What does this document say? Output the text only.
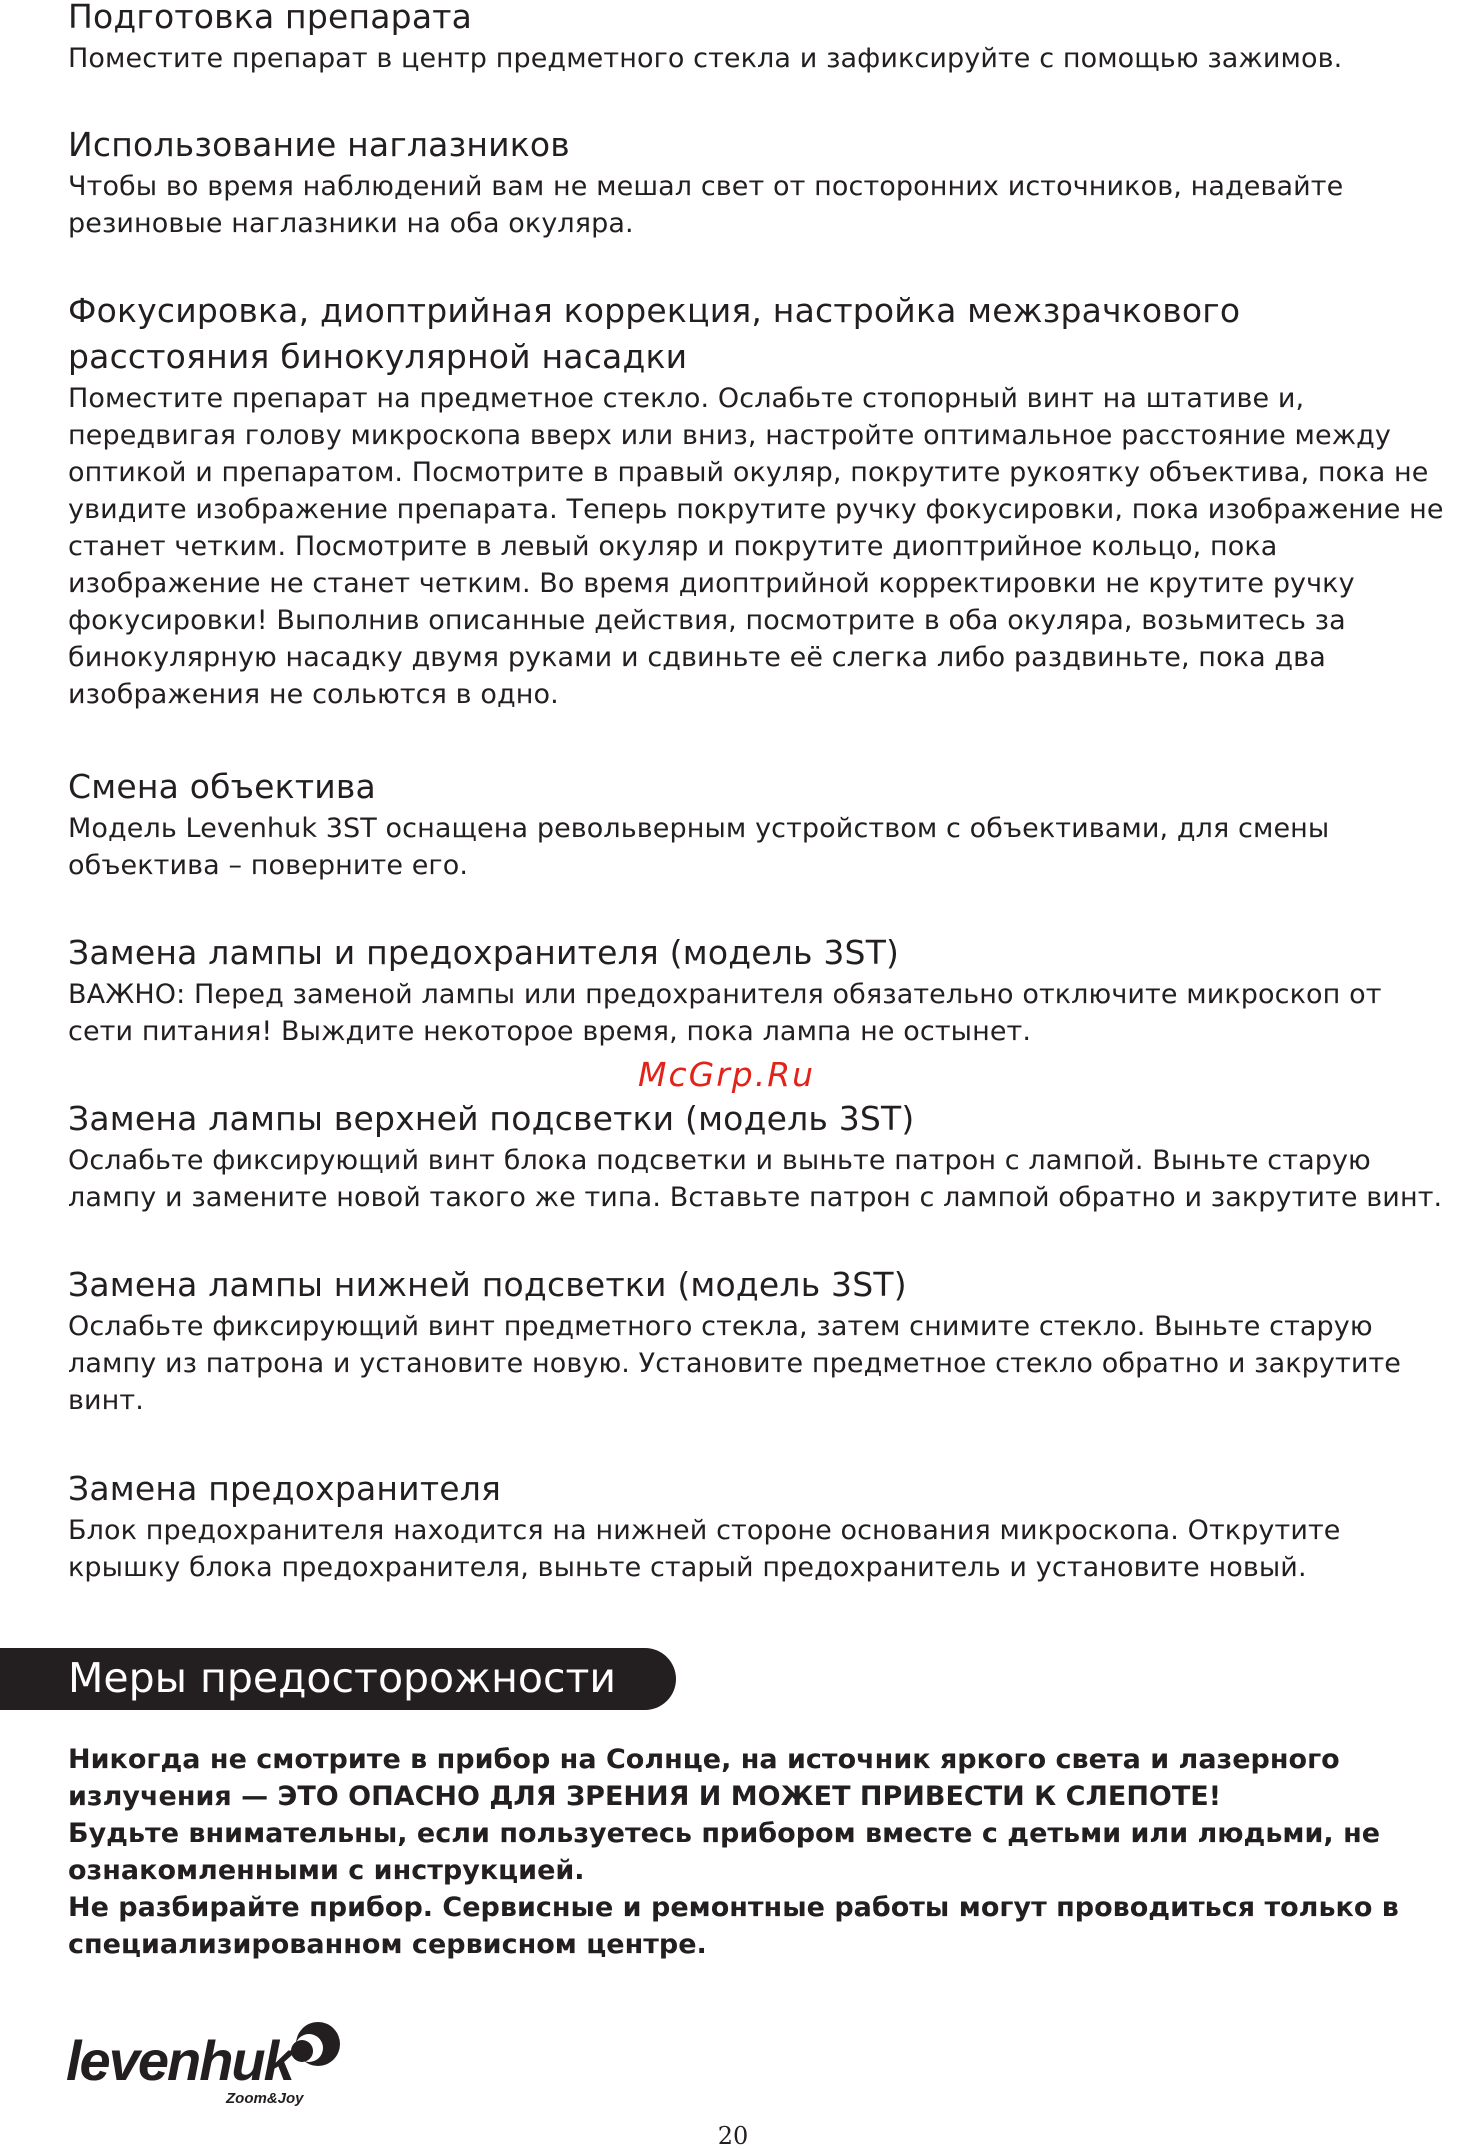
Подготовка препарата

Поместите препарат в центр предметного стекла и зафиксируйте с помощью зажимов.

Использование наглазников

Чтобы во время наблюдений вам не мешал свет от посторонних источников, надевайте резиновые наглазники на оба окуляра.

Фокусировка, диоптрийная коррекция, настройка межзрачкового расстояния бинокулярной насадки

Поместите препарат на предметное стекло. Ослабьте стопорный винт на штативе и, передвигая голову микроскопа вверх или вниз, настройте оптимальное расстояние между оптикой и препаратом. Посмотрите в правый окуляр, покрутите рукоятку объектива, пока не увидите изображение препарата. Теперь покрутите ручку фокусировки, пока изображение не станет четким. Посмотрите в левый окуляр и покрутите диоптрийное кольцо, пока изображение не станет четким. Во время диоптрийной корректировки не крутите ручку фокусировки! Выполнив описанные действия, посмотрите в оба окуляра, возьмитесь за бинокулярную насадку двумя руками и сдвиньте её слегка либо раздвиньте, пока два изображения не сольются в одно.

Смена объектива

Модель Levenhuk 3ST оснащена револьверным устройством с объективами, для смены объектива – поверните его.

Замена лампы и предохранителя (модель 3ST)

ВАЖНО: Перед заменой лампы или предохранителя обязательно отключите микроскоп от сети питания! Выждите некоторое время, пока лампа не остынет.

Замена лампы верхней подсветки (модель 3ST)

Ослабьте фиксирующий винт блока подсветки и выньте патрон с лампой. Выньте старую лампу и замените новой такого же типа. Вставьте патрон с лампой обратно и закрутите винт.

Замена лампы нижней подсветки (модель 3ST)

Ослабьте фиксирующий винт предметного стекла, затем снимите стекло. Выньте старую лампу из патрона и установите новую. Установите предметное стекло обратно и закрутите винт.

Замена предохранителя

Блок предохранителя находится на нижней стороне основания микроскопа. Открутите крышку блока предохранителя, выньте старый предохранитель и установите новый.

McGrp.Ru
Меры предосторожности

Никогда не смотрите в прибор на Солнце, на источник яркого света и лазерного излучения — ЭТО ОПАСНО ДЛЯ ЗРЕНИЯ И МОЖЕТ ПРИВЕСТИ К СЛЕПОТЕ!

Будьте внимательны, если пользуетесь прибором вместе с детьми или людьми, не ознакомленными с инструкцией.

Не разбирайте прибор. Сервисные и ремонтные работы могут проводиться только в специализированном сервисном центре.

levenhuk
Zoom&Joy
20
